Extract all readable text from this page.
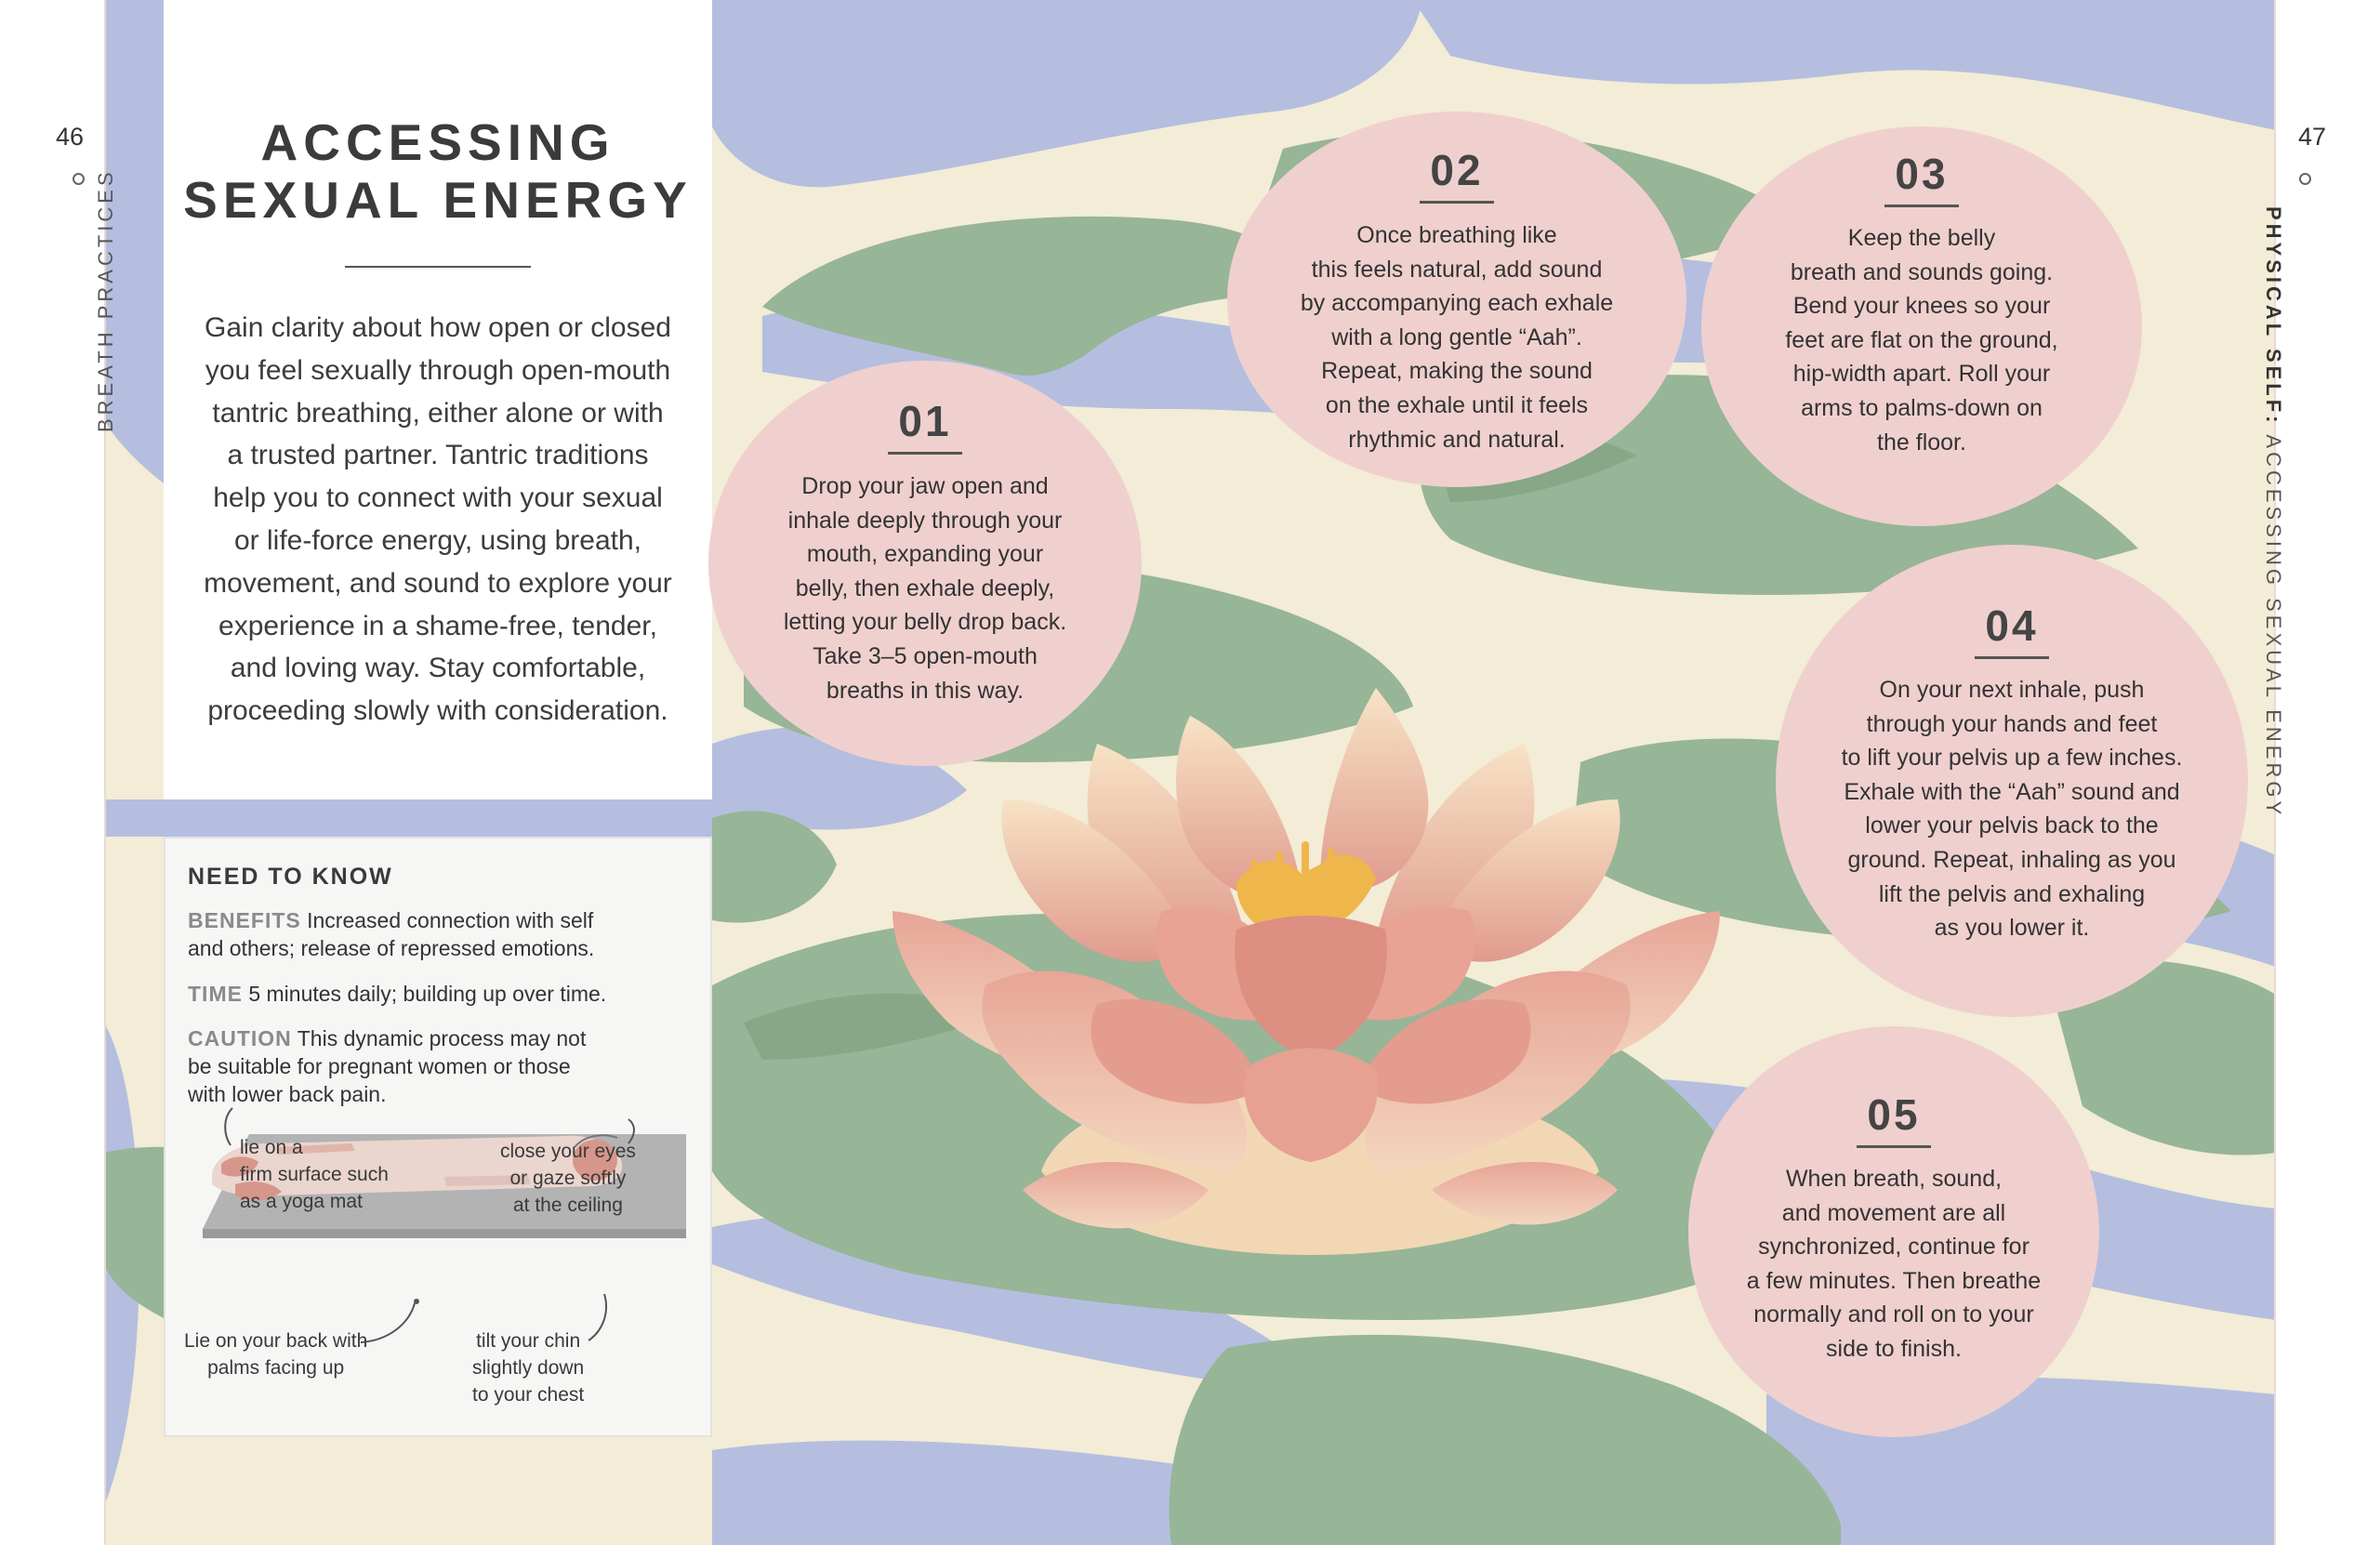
46
BREATH PRACTICES
47
PHYSICAL SELF: ACCESSING SEXUAL ENERGY
ACCESSING
SEXUAL ENERGY
Gain clarity about how open or closed
you feel sexually through open-mouth
tantric breathing, either alone or with
a trusted partner. Tantric traditions
help you to connect with your sexual
or life-force energy, using breath,
movement, and sound to explore your
experience in a shame-free, tender,
and loving way. Stay comfortable,
proceeding slowly with consideration.
NEED TO KNOW
BENEFITS Increased connection with self
and others; release of repressed emotions.
TIME 5 minutes daily; building up over time.
CAUTION This dynamic process may not
be suitable for pregnant women or those
with lower back pain.
lie on a
firm surface such
as a yoga mat
close your eyes
or gaze softly
at the ceiling
Lie on your back with
palms facing up
tilt your chin
slightly down
to your chest
01
Drop your jaw open and
inhale deeply through your
mouth, expanding your
belly, then exhale deeply,
letting your belly drop back.
Take 3–5 open-mouth
breaths in this way.
02
Once breathing like
this feels natural, add sound
by accompanying each exhale
with a long gentle “Aah”.
Repeat, making the sound
on the exhale until it feels
rhythmic and natural.
03
Keep the belly
breath and sounds going.
Bend your knees so your
feet are flat on the ground,
hip-width apart. Roll your
arms to palms-down on
the floor.
04
On your next inhale, push
through your hands and feet
to lift your pelvis up a few inches.
Exhale with the “Aah” sound and
lower your pelvis back to the
ground. Repeat, inhaling as you
lift the pelvis and exhaling
as you lower it.
05
When breath, sound,
and movement are all
synchronized, continue for
a few minutes. Then breathe
normally and roll on to your
side to finish.
